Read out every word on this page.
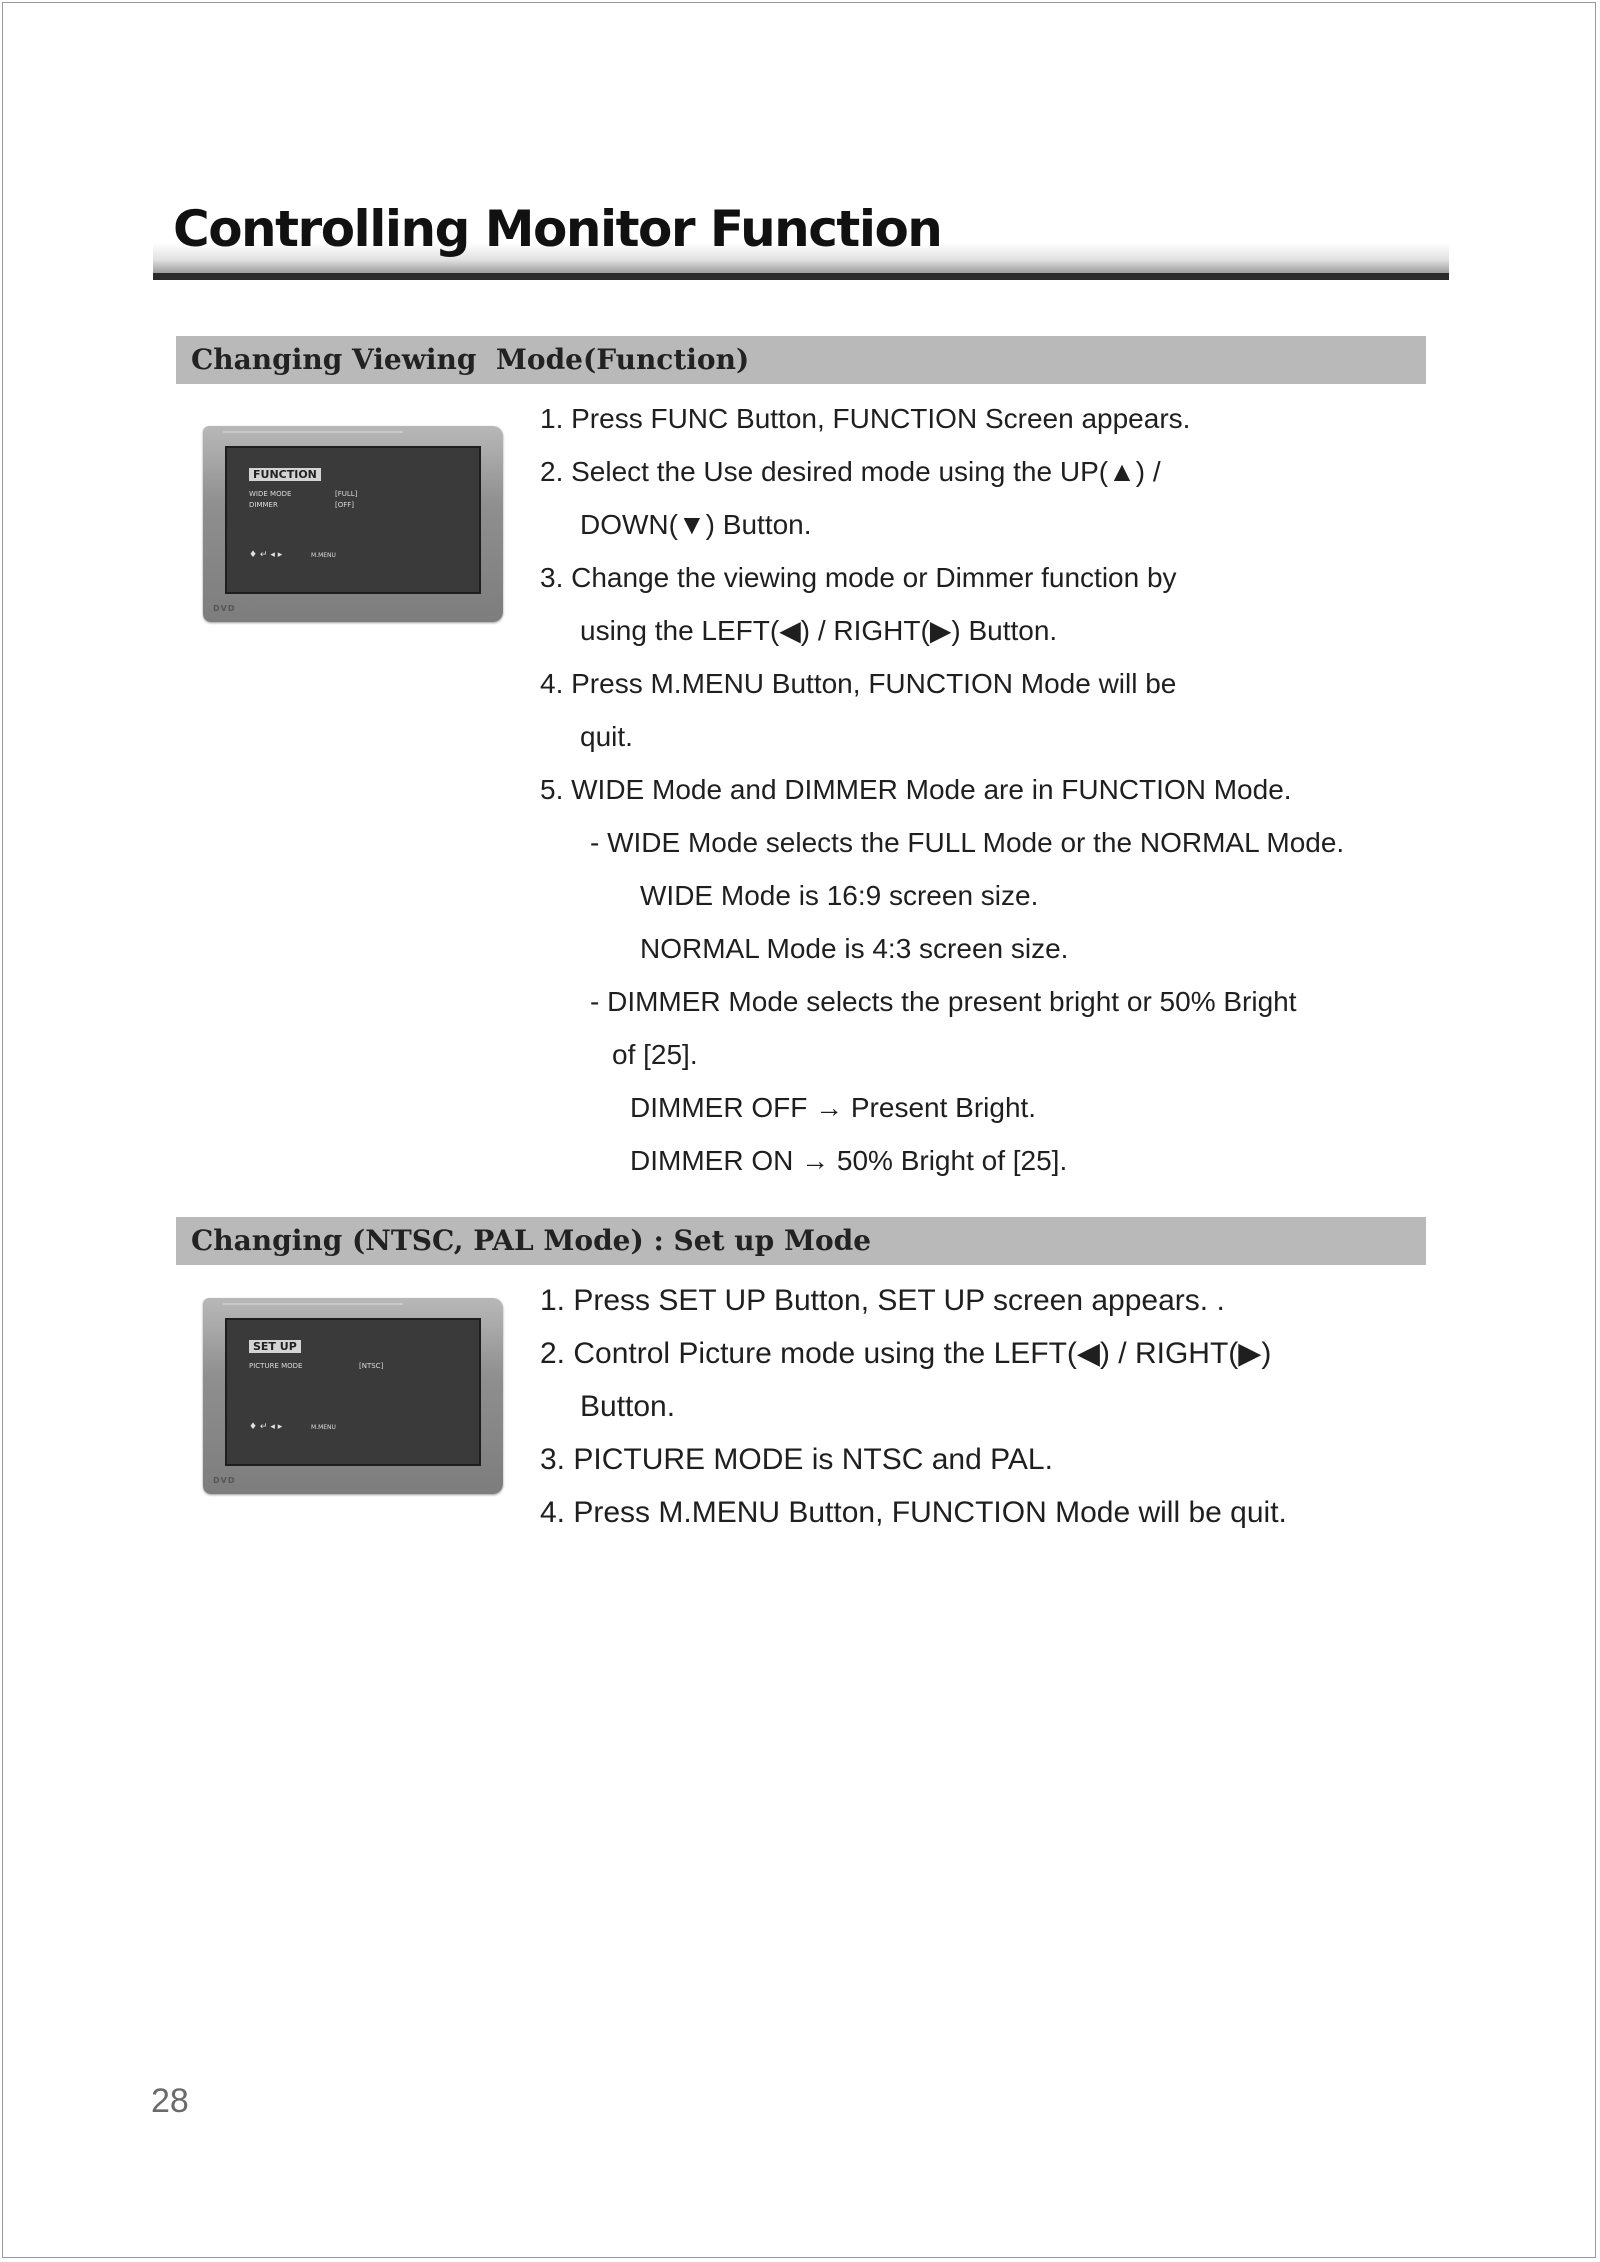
Controlling Monitor Function
Changing Viewing  Mode(Function)
FUNCTION
WIDE MODE	[FULL]
DIMMER	[OFF]
♦ ↵ ◂ ▸	M.MENU
DVD
1. Press FUNC Button, FUNCTION Screen appears.
2. Select the Use desired mode using the UP(▲) /
DOWN(▼) Button.
3. Change the viewing mode or Dimmer function by
using the LEFT(◀) / RIGHT(▶) Button.
4. Press M.MENU Button, FUNCTION Mode will be
quit.
5. WIDE Mode and DIMMER Mode are in FUNCTION Mode.
- WIDE Mode selects the FULL Mode or the NORMAL Mode.
WIDE Mode is 16:9 screen size.
NORMAL Mode is 4:3 screen size.
- DIMMER Mode selects the present bright or 50% Bright
of [25].
DIMMER OFF → Present Bright.
DIMMER ON → 50% Bright of [25].
Changing (NTSC, PAL Mode) : Set up Mode
SET UP
PICTURE MODE	[NTSC]
♦ ↵ ◂ ▸	M.MENU
DVD
1. Press SET UP Button, SET UP screen appears. .
2. Control Picture mode using the LEFT(◀) / RIGHT(▶)
Button.
3. PICTURE MODE is NTSC and PAL.
4. Press M.MENU Button, FUNCTION Mode will be quit.
28
